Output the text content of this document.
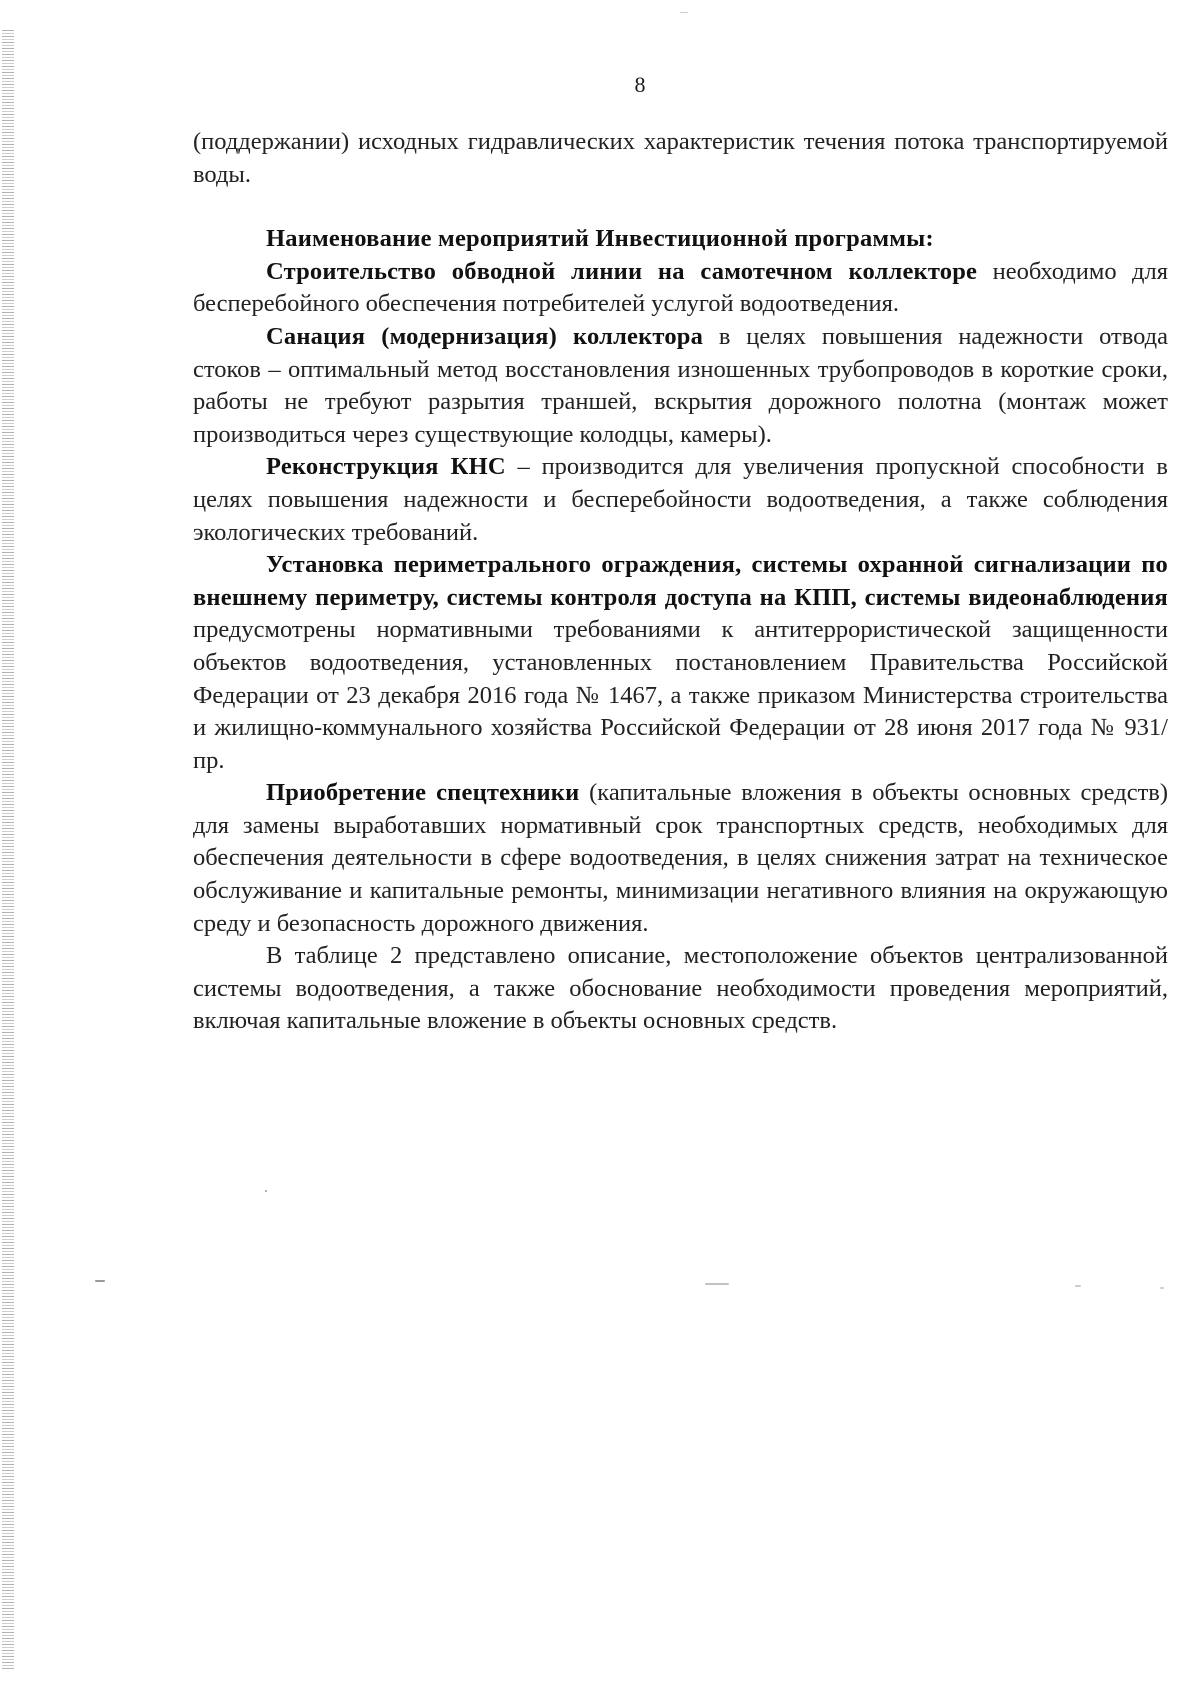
8

(поддержании) исходных гидравлических характеристик течения потока транспортируемой воды.

Наименование мероприятий Инвестиционной программы:

Строительство обводной линии на самотечном коллекторе необходимо для бесперебойного обеспечения потребителей услугой водоотведения.

Санация (модернизация) коллектора в целях повышения надежности отвода стоков – оптимальный метод восстановления изношенных трубопроводов в короткие сроки, работы не требуют разрытия траншей, вскрытия дорожного полотна (монтаж может производиться через существующие колодцы, камеры).

Реконструкция КНС – производится для увеличения пропускной способности в целях повышения надежности и бесперебойности водоотведения, а также соблюдения экологических требований.

Установка периметрального ограждения, системы охранной сигнализации по внешнему периметру, системы контроля доступа на КПП, системы видеонаблюдения предусмотрены нормативными требованиями к антитеррористической защищенности объектов водоотведения, установленных постановлением Правительства Российской Федерации от 23 декабря 2016 года № 1467, а также приказом Министерства строительства и жилищно-коммунального хозяйства Российской Федерации от 28 июня 2017 года № 931/пр.

Приобретение спецтехники (капитальные вложения в объекты основных средств) для замены выработавших нормативный срок транспортных средств, необходимых для обеспечения деятельности в сфере водоотведения, в целях снижения затрат на техническое обслуживание и капитальные ремонты, минимизации негативного влияния на окружающую среду и безопасность дорожного движения.

В таблице 2 представлено описание, местоположение объектов централизованной системы водоотведения, а также обоснование необходимости проведения мероприятий, включая капитальные вложение в объекты основных средств.
